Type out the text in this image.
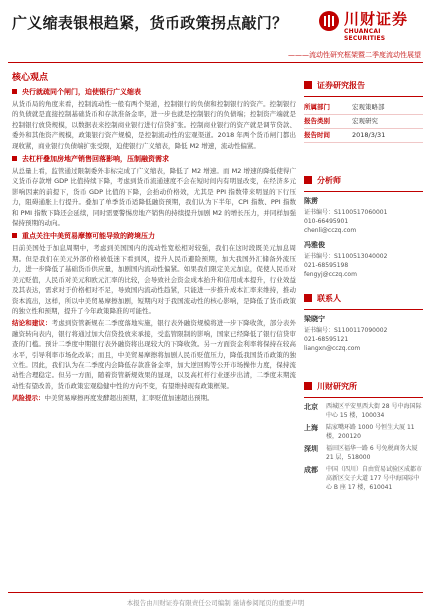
广义缩表银根趋紧，货币政策拐点敲门？	川财证券
CHUANCAI SECURITIES
———流动性研究框架暨二季度流动性展望
核心观点
央行就疏同个闸门，迫使银行广义缩表
从货币局的角度来看，控制流动性一般有两个渠道，控制银行的负债和控制银行的资产。控制银行的负债就是直接控制基础货币和存款准备金率，进一步也就是控制银行的负债端；控制资产端就是控制银行放贷规模，以数据表来控制商业银行进行信贷扩张。控制商业银行的资产就是调节贷款、委外和其他资产规模，政策银行资产规模，是控制流动性的宏观渠道。2018 年两个货币闸门都出现收紧，商业银行负债端扩张受限，迫使银行广义缩表，降低 M2 增速，流动性偏紧。
去杠杆叠加房地产销售回落影响，压制融资需求
从总量上看，监管通过限制委外非标完成了广义缩表，降低了 M2 增速。而 M2 增速的降低使得广义货币存款增 GDP 比值持续下降，考虑到货币流通速度不会在短时间内有明显改变，在经济多元影响因素的前提下，货币 GDP 比值的下降，会抬动价格效，尤其是 PPI 指数带来明显的下行压力，阻碍通胀上行提升。叠加了单季货币适降低融资预期，我们认为下半年，CPI 指数、PPI 指数和 PMI 指数下降还会延续，同时需要警惕房地产销售的持续提升加剧 M2 的增长压力，并同样加强保持预期的动向。
重点关注中美贸易摩擦可能导致的跨境压力
目前美国处于加息周期中，考虑到美国国内的流动性宽松相对较强，我们在这时段既美元加息周期。但是我们在美元外部价格被低迷下看到风，提升人民币避险预期，加大我国外汇储备外流压力，进一步降低了基础货币供应量，加剧国内流动性偏紧。如果我们限定美元加息，促使人民币对美元贬值，人民币对美元和欧元汇率的比较，会导致社会资金成本抬升和信用成本提升，行业效益及其表达，需求对于价格相对不足，导致国内流动性趋紧，只能进一步推升成本汇率来维持，推动资本流出，这样，所以中美贸易摩擦加剧，短期内对于我国流动性的核心影响，是降低了货币政策的独立性和预期，提升了今年政策降准的可能性。
结论和建议：考虑到资管新规在二季度落地实施，银行表外融资规模将进一步下降收敛，部分表外融资转向表内，银行将通过加大信贷投放来承接，受监管限制的影响，国家已经降低了银行信贷审查的门槛。预计二季度中期银行表外融资将出现较大的下降收敛。另一方面资金利率将保持在较高水平，引导利率市场化改革；而且，中美贸易摩擦将加剧人民币贬值压力，降低我国货币政策的独立性。因此，我们认为在二季度内会降低存款准备金率，加大逆回购等公开市场操作力度，保持流动性合理稳定。但另一方面，随着资管新规效果的显现，以及高杠杆行业逐步出清，二季度末期流动性有望改善，货币政策宏观稳健中性的方向不变，有望维持现有政策框架。
风险提示：中美贸易摩擦再度发酵超出预期，汇率贬值加速超出预期。
证券研究报告
所属部门	宏观策略部
报告类别	宏观研究
报告时间	2018/3/31
分析师
陈雳
证书编号：S1100517060001
010-66495901
chenli@cczq.com
冯雅俊
证书编号：S1100513040002
021-68595198
fengyj@cczq.com
联系人
梁晓宁
证书编号：S1100117090002
021-68595121
liangxn@cczq.com
川财研究所
北京	西城区平安里西大街 28 号中海国际中心 15 楼，100034
上海	陆家嘴环路 1000 号恒生大厦 11 楼，200120
深圳	福田区福华一路 6 号免税商务大厦 21 层，518000
成都	中国（四川）自由贸易试验区成都市高新区交子大道 177 号中海国际中心 B 座 17 楼，610041
本报告由川财证券有限责任公司编制 谨请参阅尾页的重要声明
